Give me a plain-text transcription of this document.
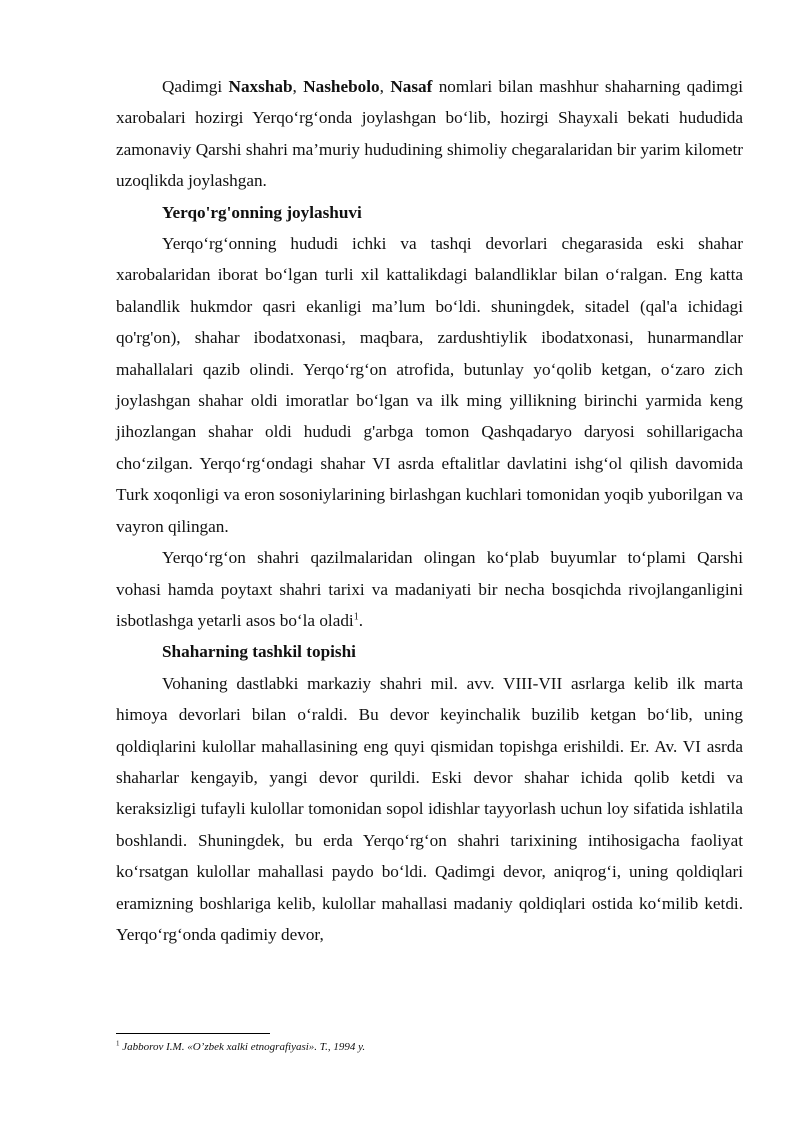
Qadimgi Naxshab, Nashebolo, Nasaf nomlari bilan mashhur shaharning qadimgi xarobalari hozirgi Yerqo‘rg‘onda joylashgan bo‘lib, hozirgi Shayxali bekati hududida zamonaviy Qarshi shahri ma’muriy hududining shimoliy chegaralaridan bir yarim kilometr uzoqlikda joylashgan.

Yerqo'rg'onning joylashuvi

Yerqo‘rg‘onning hududi ichki va tashqi devorlari chegarasida eski shahar xarobalaridan iborat bo‘lgan turli xil kattalikdagi balandliklar bilan o‘ralgan. Eng katta balandlik hukmdor qasri ekanligi ma’lum bo‘ldi. shuningdek, sitadel (qal'a ichidagi qo'rg'on), shahar ibodatxonasi, maqbara, zardushtiylik ibodatxonasi, hunarmandlar mahallalari qazib olindi. Yerqo‘rg‘on atrofida, butunlay yo‘qolib ketgan, o‘zaro zich joylashgan shahar oldi imoratlar bo‘lgan va ilk ming yillikning birinchi yarmida keng jihozlangan shahar oldi hududi g'arbga tomon Qashqadaryo daryosi sohillarigacha cho‘zilgan. Yerqo‘rg‘ondagi shahar VI asrda eftalitlar davlatini ishg‘ol qilish davomida Turk xoqonligi va eron sosoniylarining birlashgan kuchlari tomonidan yoqib yuborilgan va vayron qilingan.

Yerqo‘rg‘on shahri qazilmalaridan olingan ko‘plab buyumlar to‘plami Qarshi vohasi hamda poytaxt shahri tarixi va madaniyati bir necha bosqichda rivojlanganligini isbotlashga yetarli asos bo‘la oladi$^1$.

Shaharning tashkil topishi

Vohaning dastlabki markaziy shahri mil. avv. VIII-VII asrlarga kelib ilk marta himoya devorlari bilan o‘raldi. Bu devor keyinchalik buzilib ketgan bo‘lib, uning qoldiqlarini kulollar mahallasining eng quyi qismidan topishga erishildi. Er. Av. VI asrda shaharlar kengayib, yangi devor qurildi. Eski devor shahar ichida qolib ketdi va keraksizligi tufayli kulollar tomonidan sopol idishlar tayyorlash uchun loy sifatida ishlatila boshlandi. Shuningdek, bu erda Yerqo‘rg‘on shahri tarixining intihosigacha faoliyat ko‘rsatgan kulollar mahallasi paydo bo‘ldi. Qadimgi devor, aniqrog‘i, uning qoldiqlari eramizning boshlariga kelib, kulollar mahallasi madaniy qoldiqlari ostida ko‘milib ketdi. Yerqo‘rg‘onda qadimiy devor,

$^1$ Jabborov I.M. «O’zbek xalki etnografiyasi». T., 1994 y.
